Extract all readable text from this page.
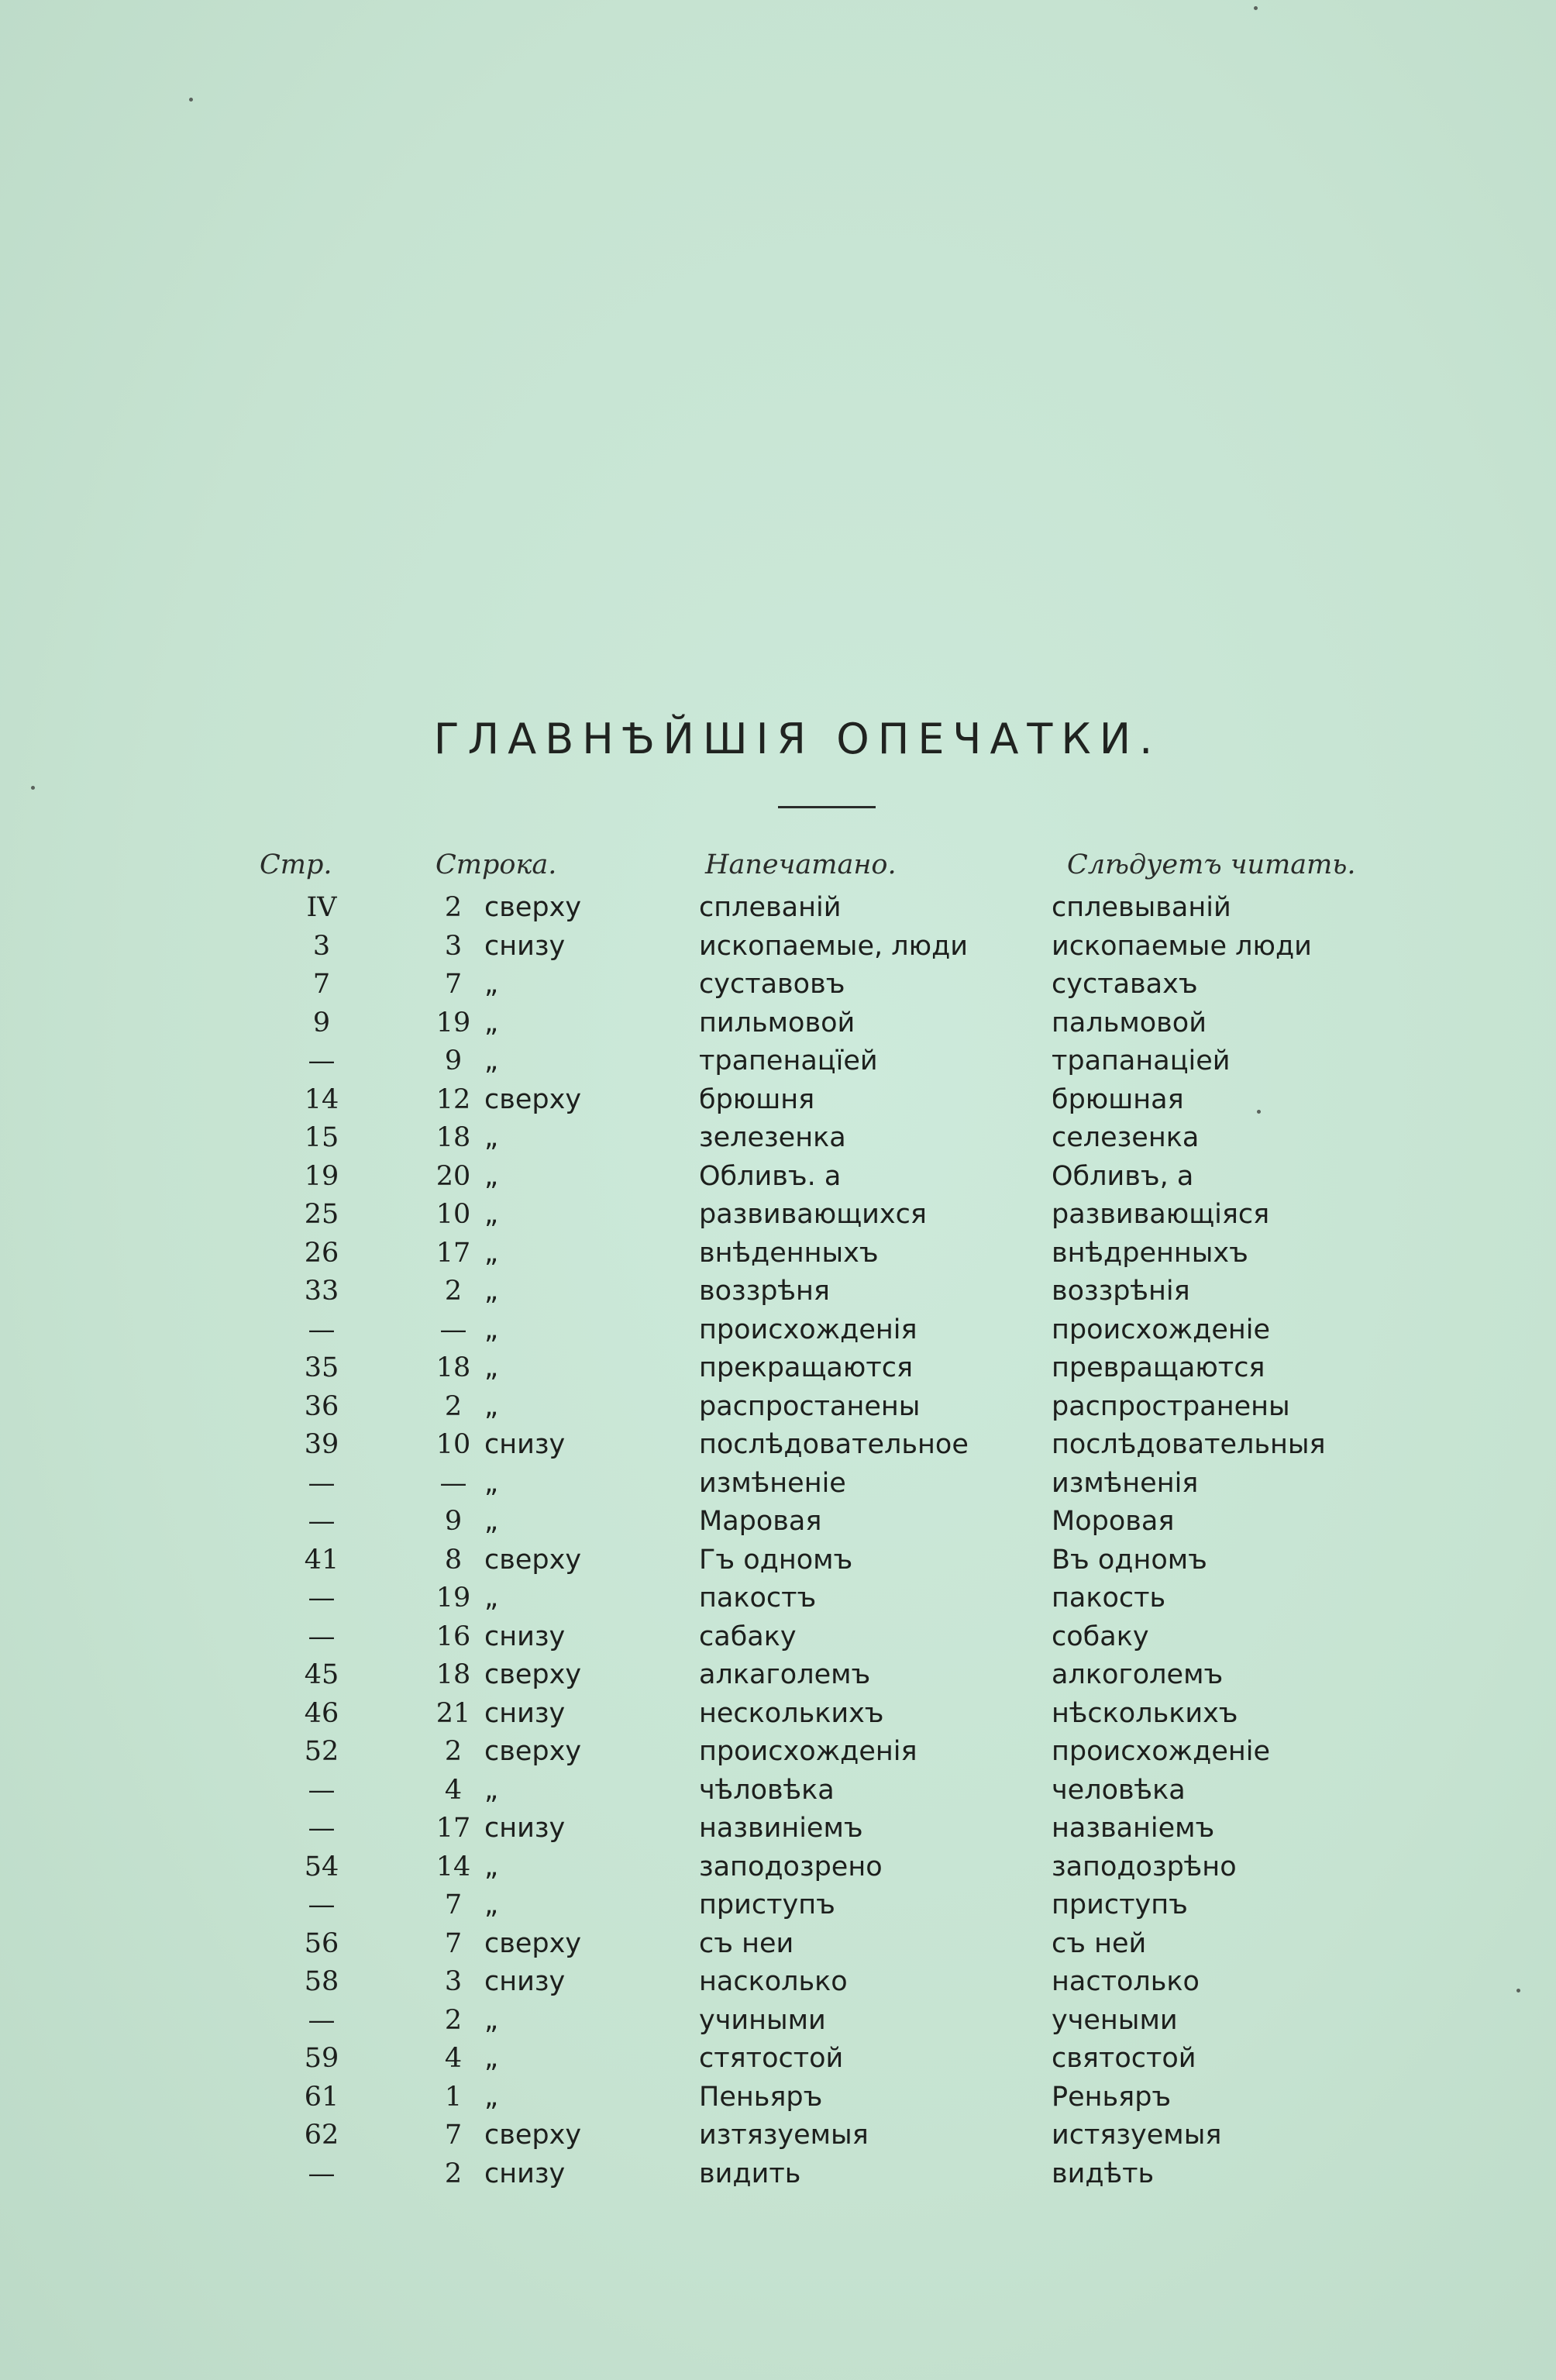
ГЛАВНѢЙШІЯ ОПЕЧАТКИ.
Стр.	Строка.	Напечатано.	Слѣдуетъ читать.
IV	2 сверху	сплеваній	сплевываній
3	3 снизу	ископаемые, люди	ископаемые люди
7	7 „	суставовъ	суставахъ
9	19 „	пильмовой	пальмовой
—	9 „	трапенацїей	трапанаціей
14	12 сверху	брюшня	брюшная
15	18 „	зелезенка	селезенка
19	20 „	Обливъ. а	Обливъ, а
25	10 „	развивающихся	развивающіяся
26	17 „	внѣденныхъ	внѣдренныхъ
33	2 „	воззрѣня	воззрѣнія
—	— „	происхожденія	происхожденіе
35	18 „	прекращаются	превращаются
36	2 „	распростанены	распространены
39	10 снизу	послѣдовательное	послѣдовательныя
—	— „	измѣненіе	измѣненія
—	9 „	Маровая	Моровая
41	8 сверху	Гъ одномъ	Въ одномъ
—	19 „	пакостъ	пакость
—	16 снизу	сабаку	собаку
45	18 сверху	алкаголемъ	алкоголемъ
46	21 снизу	несколькихъ	нѣсколькихъ
52	2 сверху	происхожденія	происхожденіе
—	4 „	чѣловѣка	человѣка
—	17 снизу	назвиніемъ	названіемъ
54	14 „	заподозрено	заподозрѣно
—	7 „	приступъ	приступъ
56	7 сверху	съ неи	съ ней
58	3 снизу	насколько	настолько
—	2 „	учиными	учеными
59	4 „	стятостой	святостой
61	1 „	Пеньяръ	Реньяръ
62	7 сверху	изтязуемыя	истязуемыя
—	2 снизу	видить	видѣть
